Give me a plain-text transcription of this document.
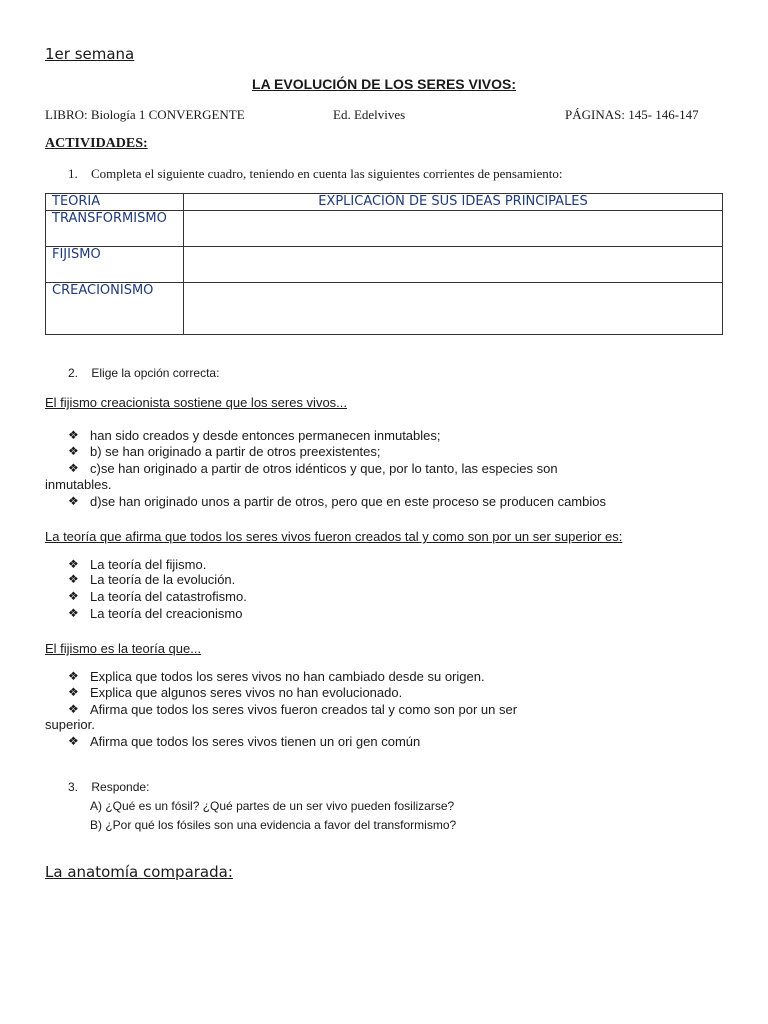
1er semana
LA EVOLUCIÓN DE LOS SERES VIVOS:
LIBRO: Biología 1 CONVERGENTE	Ed. Edelvives	PÁGINAS: 145- 146-147
ACTIVIDADES:
1. Completa el siguiente cuadro, teniendo en cuenta las siguientes corrientes de pensamiento:
TEORIA	EXPLICACIÓN DE SUS IDEAS PRINCIPALES
TRANSFORMISMO	
FIJISMO	
CREACIONISMO	
2. Elige la opción correcta:
El fijismo creacionista sostiene que los seres vivos...
❖ han sido creados y desde entonces permanecen inmutables;
❖ b) se han originado a partir de otros preexistentes;
❖ c)se han originado a partir de otros idénticos y que, por lo tanto, las especies son
inmutables.
❖ d)se han originado unos a partir de otros, pero que en este proceso se producen cambios
La teoría que afirma que todos los seres vivos fueron creados tal y como son por un ser superior es:
❖ La teoría del fijismo.
❖ La teoría de la evolución.
❖ La teoría del catastrofismo.
❖ La teoría del creacionismo
El fijismo es la teoría que...
❖ Explica que todos los seres vivos no han cambiado desde su origen.
❖ Explica que algunos seres vivos no han evolucionado.
❖ Afirma que todos los seres vivos fueron creados tal y como son por un ser
superior.
❖ Afirma que todos los seres vivos tienen un ori gen común
3. Responde:
A) ¿Qué es un fósil? ¿Qué partes de un ser vivo pueden fosilizarse?
B) ¿Por qué los fósiles son una evidencia a favor del transformismo?
La anatomía comparada:
